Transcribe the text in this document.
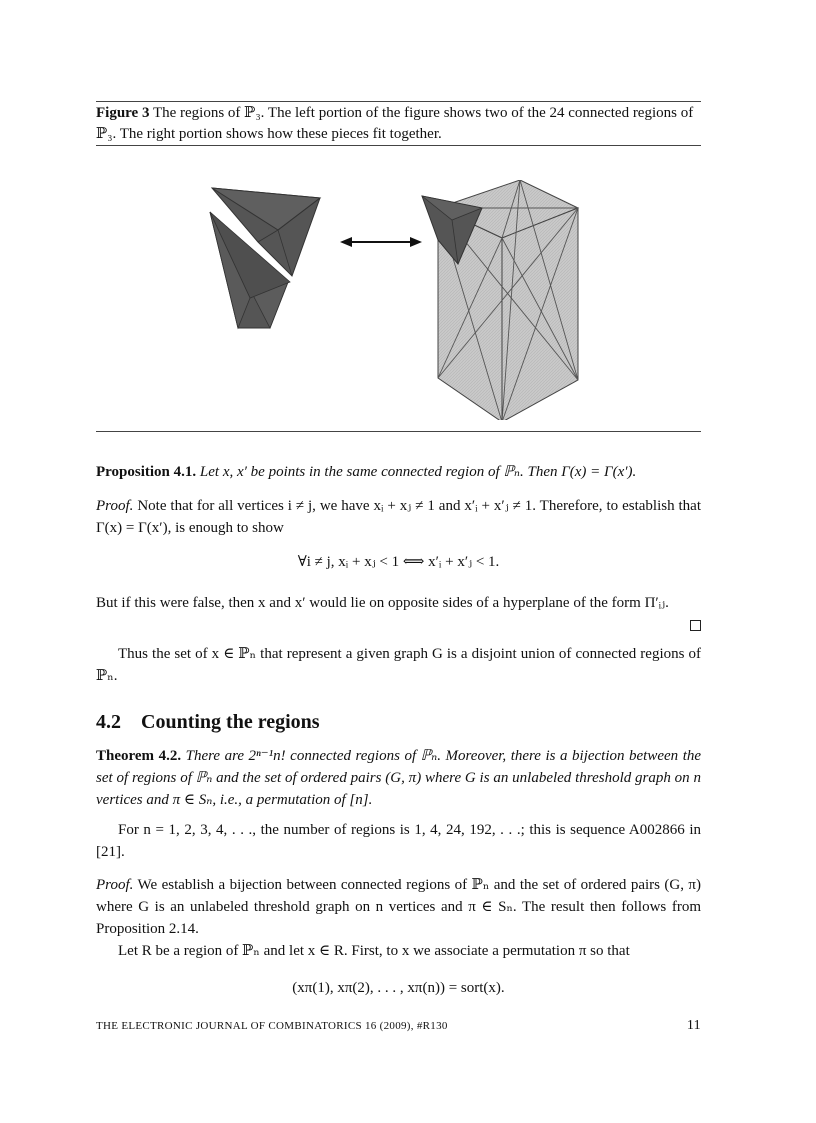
Figure 3 The regions of ℙ₃. The left portion of the figure shows two of the 24 connected regions of ℙ₃. The right portion shows how these pieces fit together.
Proposition 4.1. Let x, x′ be points in the same connected region of ℙₙ. Then Γ(x) = Γ(x′).
Proof. Note that for all vertices i ≠ j, we have xᵢ + xⱼ ≠ 1 and x′ᵢ + x′ⱼ ≠ 1. Therefore, to establish that Γ(x) = Γ(x′), is enough to show
∀i ≠ j, xᵢ + xⱼ < 1 ⟺ x′ᵢ + x′ⱼ < 1.
But if this were false, then x and x′ would lie on opposite sides of a hyperplane of the form Π′ᵢⱼ.
Thus the set of x ∈ ℙₙ that represent a given graph G is a disjoint union of connected regions of ℙₙ.
4.2 Counting the regions
Theorem 4.2. There are 2ⁿ⁻¹n! connected regions of ℙₙ. Moreover, there is a bijection between the set of regions of ℙₙ and the set of ordered pairs (G, π) where G is an unlabeled threshold graph on n vertices and π ∈ Sₙ, i.e., a permutation of [n].
For n = 1, 2, 3, 4, . . ., the number of regions is 1, 4, 24, 192, . . .; this is sequence A002866 in [21].
Proof. We establish a bijection between connected regions of ℙₙ and the set of ordered pairs (G, π) where G is an unlabeled threshold graph on n vertices and π ∈ Sₙ. The result then follows from Proposition 2.14.
Let R be a region of ℙₙ and let x ∈ R. First, to x we associate a permutation π so that
(xπ(1), xπ(2), . . . , xπ(n)) = sort(x).
THE ELECTRONIC JOURNAL OF COMBINATORICS 16 (2009), #R130	11
